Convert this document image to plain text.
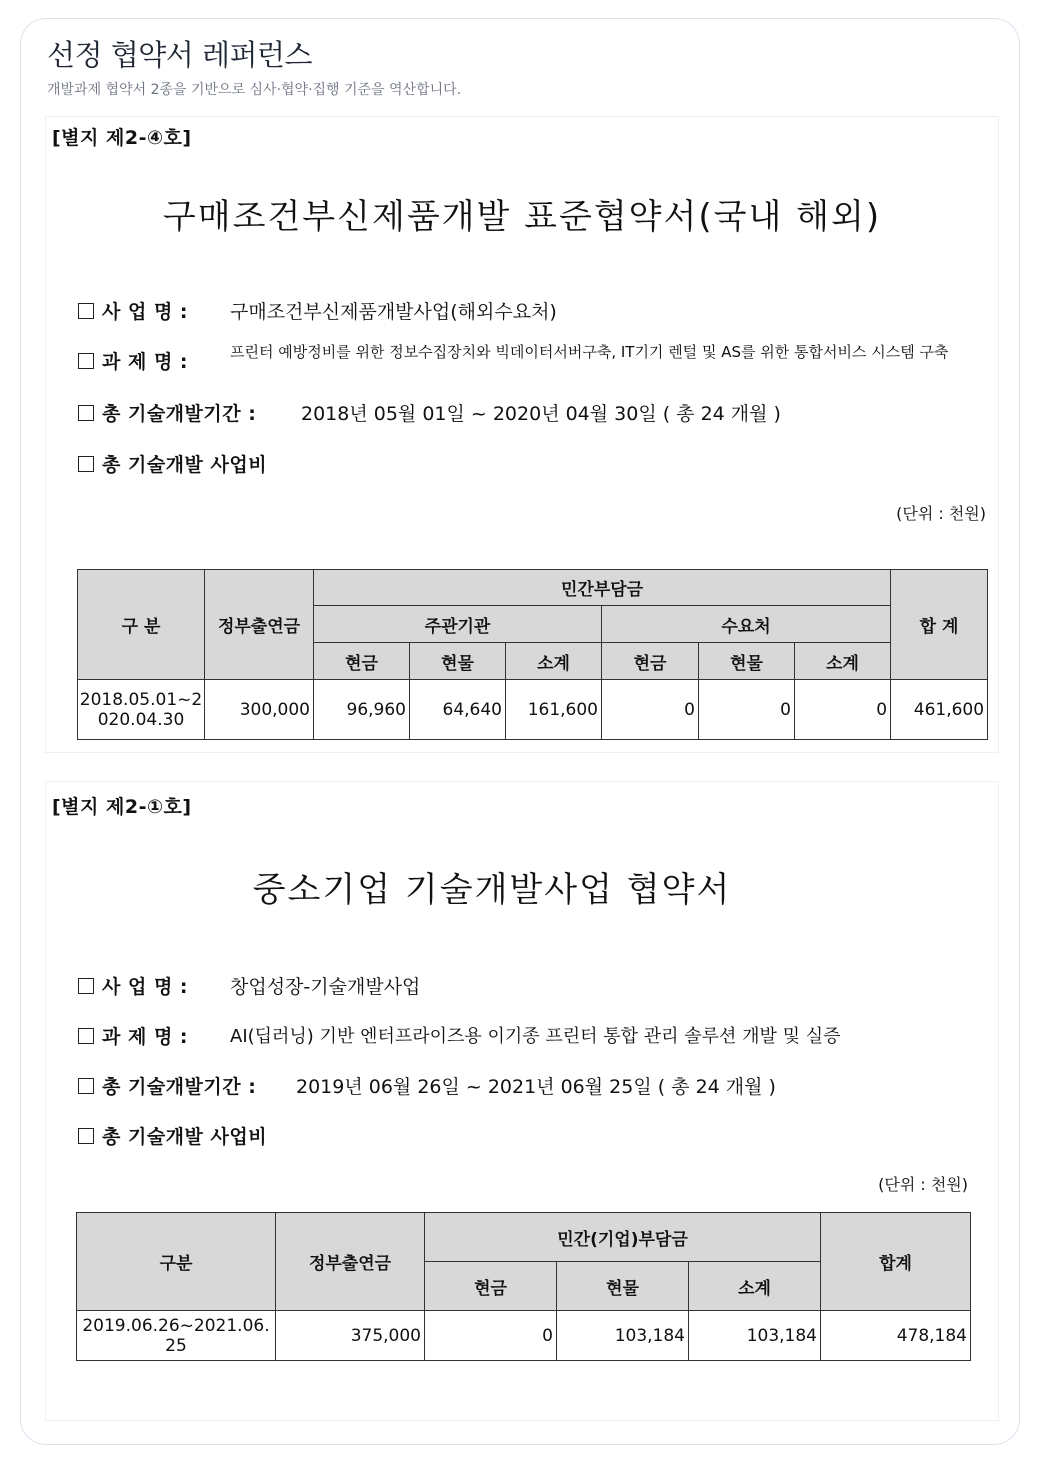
선정 협약서 레퍼런스
개발과제 협약서 2종을 기반으로 심사·협약·집행 기준을 역산합니다.
[별지 제2-④호]
구매조건부신제품개발 표준협약서(국내 해외)
사 업 명 : 구매조건부신제품개발사업(해외수요처)
과 제 명 :	프린터 예방정비를 위한 정보수집장치와 빅데이터서버구축, IT기기 렌털 및 AS를 위한 통합서비스 시스템 구축
총 기술개발기간 : 2018년 05월 01일 ~ 2020년 04월 30일 ( 총 24 개월 )
총 기술개발 사업비
(단위 : 천원)
구 분	정부출연금	민간부담금						합 계
		주관기관			수요처			
		현금	현물	소계	현금	현물	소계	
2018.05.01~2020.04.30	300,000	96,960	64,640	161,600	0	0	0	461,600
[별지 제2-①호]
중소기업 기술개발사업 협약서
사 업 명 : 창업성장-기술개발사업
과 제 명 : AI(딥러닝) 기반 엔터프라이즈용 이기종 프린터 통합 관리 솔루션 개발 및 실증
총 기술개발기간 : 2019년 06월 26일 ~ 2021년 06월 25일 ( 총 24 개월 )
총 기술개발 사업비
(단위 : 천원)
구분	정부출연금	민간(기업)부담금			합계
		현금	현물	소계	
2019.06.26~2021.06.25	375,000	0	103,184	103,184	478,184
